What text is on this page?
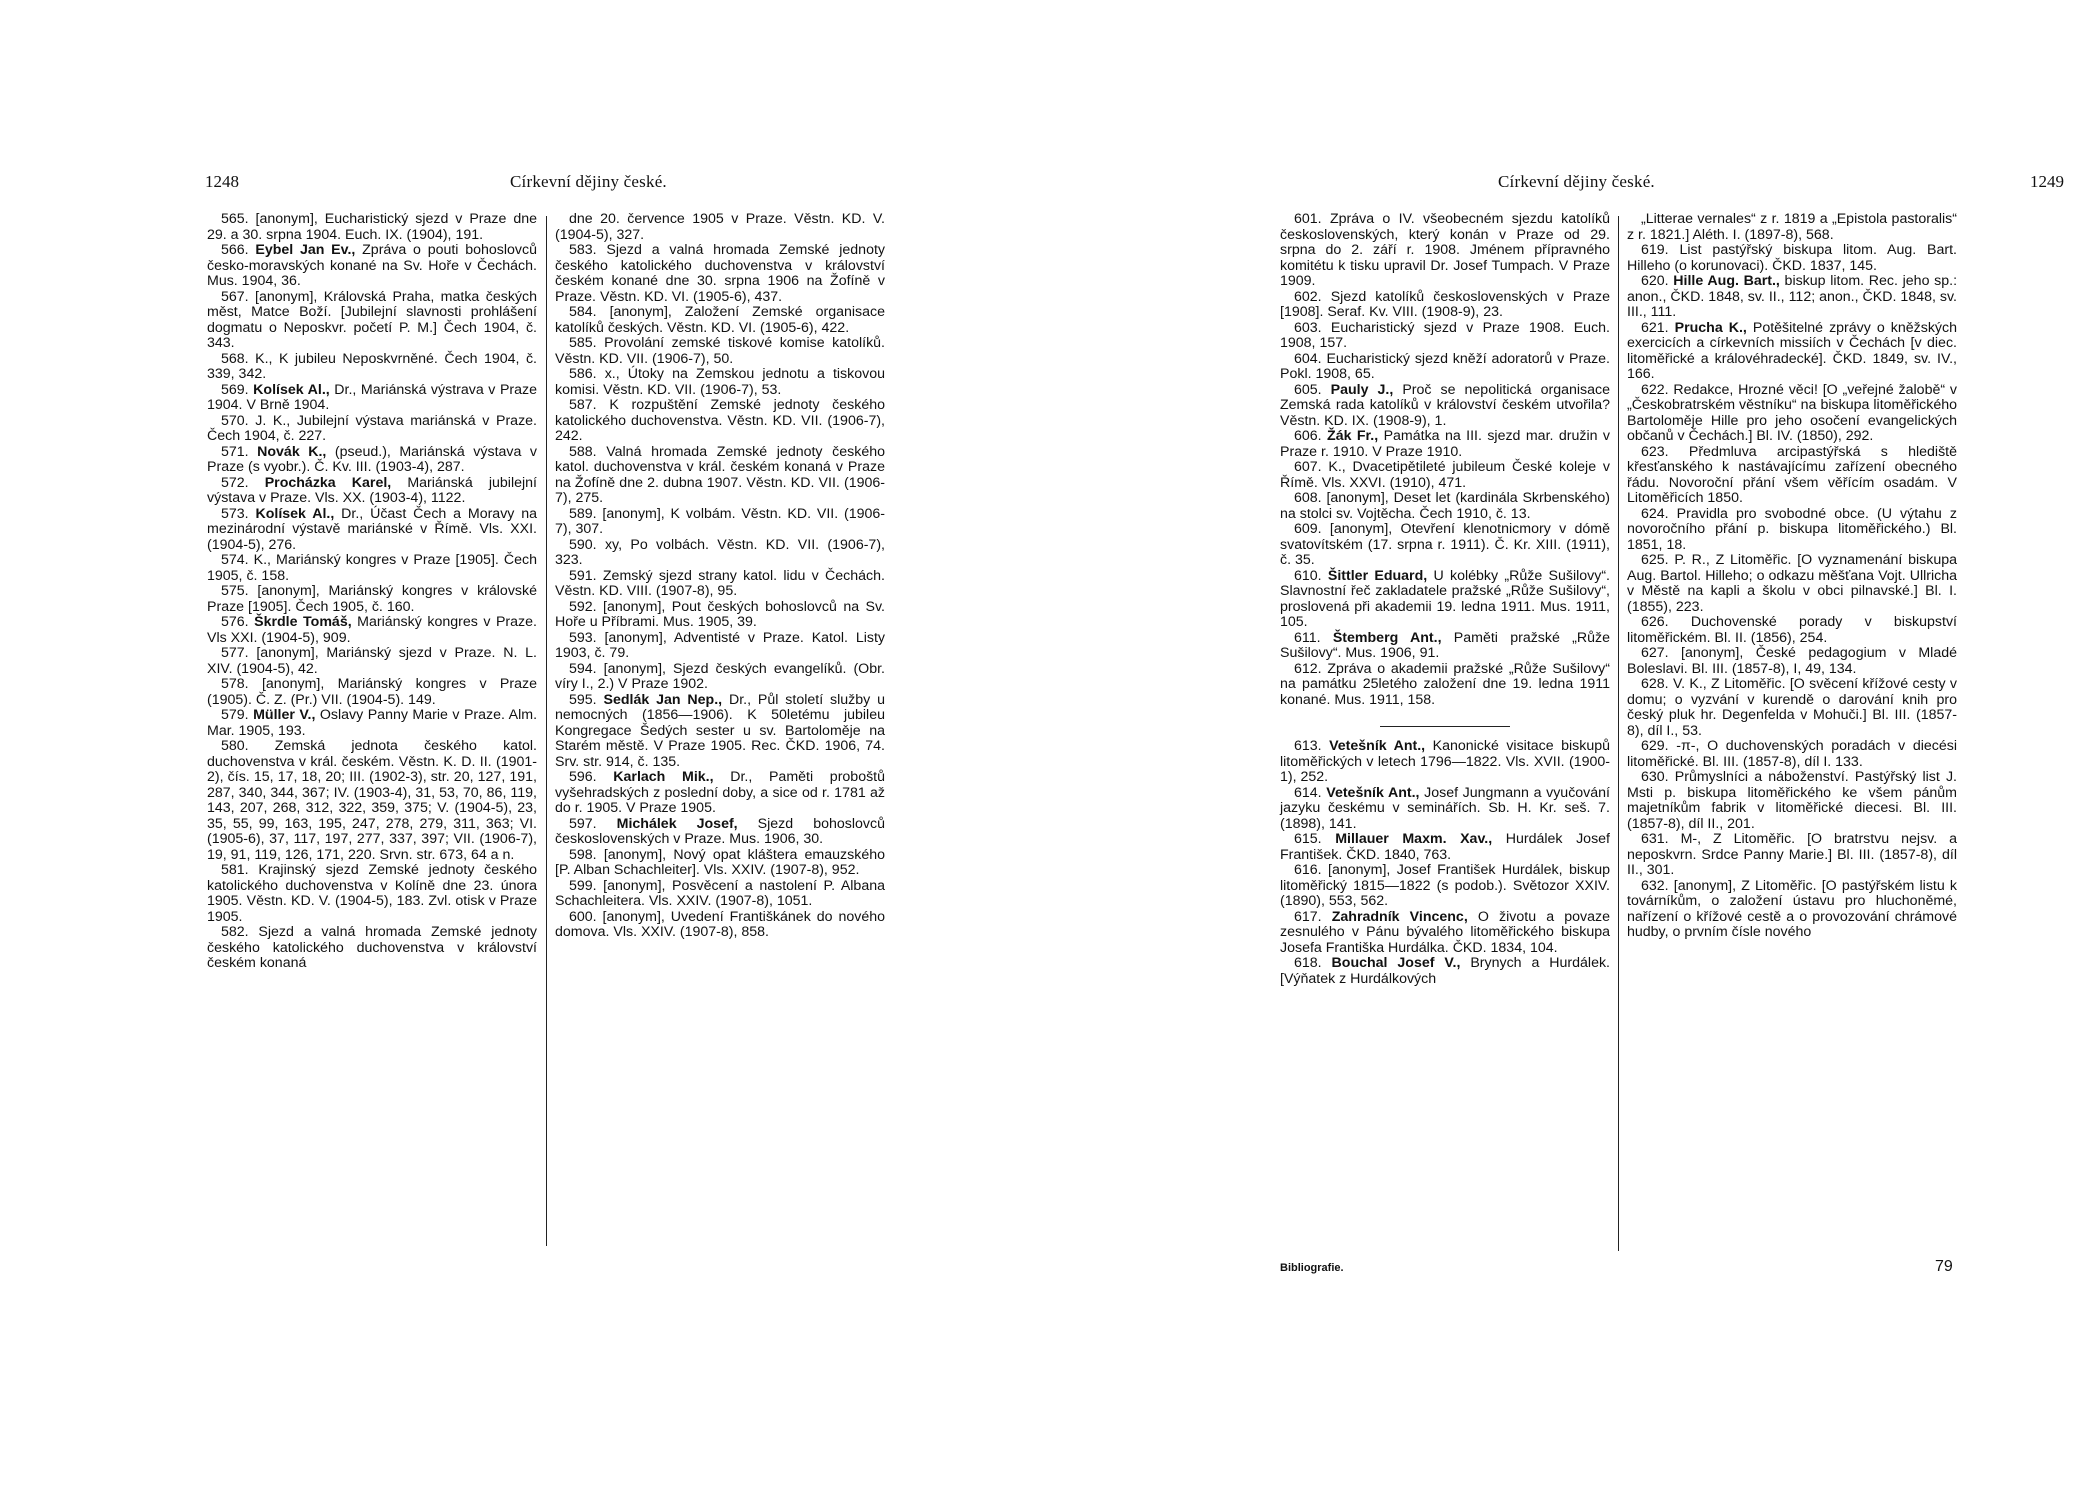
1248	Církevní dějiny české.

565. [anonym], Eucharistický sjezd v Praze dne 29. a 30. srpna 1904. Euch. IX. (1904), 191.

566. Eybel Jan Ev., Zpráva o pouti bohoslovců česko-moravských konané na Sv. Hoře v Čechách. Mus. 1904, 36.

567. [anonym], Královská Praha, matka českých měst, Matce Boží. [Jubilejní slavnosti prohlášení dogmatu o Neposkvr. početí P. M.] Čech 1904, č. 343.

568. K., K jubileu Neposkvrněné. Čech 1904, č. 339, 342.

569. Kolísek Al., Dr., Mariánská výstrava v Praze 1904. V Brně 1904.

570. J. K., Jubilejní výstava mariánská v Praze. Čech 1904, č. 227.

571. Novák K., (pseud.), Mariánská výstava v Praze (s vyobr.). Č. Kv. III. (1903-4), 287.

572. Procházka Karel, Mariánská jubilejní výstava v Praze. Vls. XX. (1903-4), 1122.

573. Kolísek Al., Dr., Účast Čech a Moravy na mezinárodní výstavě mariánské v Římě. Vls. XXI. (1904-5), 276.

574. K., Mariánský kongres v Praze [1905]. Čech 1905, č. 158.

575. [anonym], Mariánský kongres v královské Praze [1905]. Čech 1905, č. 160.

576. Škrdle Tomáš, Mariánský kongres v Praze. Vls XXI. (1904-5), 909.

577. [anonym], Mariánský sjezd v Praze. N. L. XIV. (1904-5), 42.

578. [anonym], Mariánský kongres v Praze (1905). Č. Z. (Pr.) VII. (1904-5). 149.

579. Müller V., Oslavy Panny Marie v Praze. Alm. Mar. 1905, 193.

580. Zemská jednota českého katol. duchovenstva v král. českém. Věstn. K. D. II. (1901-2), čís. 15, 17, 18, 20; III. (1902-3), str. 20, 127, 191, 287, 340, 344, 367; IV. (1903-4), 31, 53, 70, 86, 119, 143, 207, 268, 312, 322, 359, 375; V. (1904-5), 23, 35, 55, 99, 163, 195, 247, 278, 279, 311, 363; VI. (1905-6), 37, 117, 197, 277, 337, 397; VII. (1906-7), 19, 91, 119, 126, 171, 220. Srvn. str. 673, 64 a n.

581. Krajinský sjezd Zemské jednoty českého katolického duchovenstva v Kolíně dne 23. února 1905. Věstn. KD. V. (1904-5), 183. Zvl. otisk v Praze 1905.

582. Sjezd a valná hromada Zemské jednoty českého katolického duchovenstva v království českém konaná

dne 20. července 1905 v Praze. Věstn. KD. V. (1904-5), 327.

583. Sjezd a valná hromada Zemské jednoty českého katolického duchovenstva v království českém konané dne 30. srpna 1906 na Žofíně v Praze. Věstn. KD. VI. (1905-6), 437.

584. [anonym], Založení Zemské organisace katolíků českých. Věstn. KD. VI. (1905-6), 422.

585. Provolání zemské tiskové komise katolíků. Věstn. KD. VII. (1906-7), 50.

586. x., Útoky na Zemskou jednotu a tiskovou komisi. Věstn. KD. VII. (1906-7), 53.

587. K rozpuštění Zemské jednoty českého katolického duchovenstva. Věstn. KD. VII. (1906-7), 242.

588. Valná hromada Zemské jednoty českého katol. duchovenstva v král. českém konaná v Praze na Žofíně dne 2. dubna 1907. Věstn. KD. VII. (1906-7), 275.

589. [anonym], K volbám. Věstn. KD. VII. (1906-7), 307.

590. xy, Po volbách. Věstn. KD. VII. (1906-7), 323.

591. Zemský sjezd strany katol. lidu v Čechách. Věstn. KD. VIII. (1907-8), 95.

592. [anonym], Pout českých bohoslovců na Sv. Hoře u Příbrami. Mus. 1905, 39.

593. [anonym], Adventisté v Praze. Katol. Listy 1903, č. 79.

594. [anonym], Sjezd českých evangelíků. (Obr. víry I., 2.) V Praze 1902.

595. Sedlák Jan Nep., Dr., Půl století služby u nemocných (1856—1906). K 50letému jubileu Kongregace Šedých sester u sv. Bartoloměje na Starém městě. V Praze 1905. Rec. ČKD. 1906, 74. Srv. str. 914, č. 135.

596. Karlach Mik., Dr., Paměti proboštů vyšehradských z poslední doby, a sice od r. 1781 až do r. 1905. V Praze 1905.

597. Michálek Josef, Sjezd bohoslovců československých v Praze. Mus. 1906, 30.

598. [anonym], Nový opat kláštera emauzského [P. Alban Schachleiter]. Vls. XXIV. (1907-8), 952.

599. [anonym], Posvěcení a nastolení P. Albana Schachleitera. Vls. XXIV. (1907-8), 1051.

600. [anonym], Uvedení Františkánek do nového domova. Vls. XXIV. (1907-8), 858.

Církevní dějiny české.	1249

601. Zpráva o IV. všeobecném sjezdu katolíků československých, který konán v Praze od 29. srpna do 2. září r. 1908. Jménem přípravného komitétu k tisku upravil Dr. Josef Tumpach. V Praze 1909.

602. Sjezd katolíků československých v Praze [1908]. Seraf. Kv. VIII. (1908-9), 23.

603. Eucharistický sjezd v Praze 1908. Euch. 1908, 157.

604. Eucharistický sjezd kněží adoratorů v Praze. Pokl. 1908, 65.

605. Pauly J., Proč se nepolitická organisace Zemská rada katolíků v království českém utvořila? Věstn. KD. IX. (1908-9), 1.

606. Žák Fr., Památka na III. sjezd mar. družin v Praze r. 1910. V Praze 1910.

607. K., Dvacetipětileté jubileum České koleje v Římě. Vls. XXVI. (1910), 471.

608. [anonym], Deset let (kardinála Skrbenského) na stolci sv. Vojtěcha. Čech 1910, č. 13.

609. [anonym], Otevření klenotnicmory v dómě svatovítském (17. srpna r. 1911). Č. Kr. XIII. (1911), č. 35.

610. Šittler Eduard, U kolébky „Růže Sušilovy“. Slavnostní řeč zakladatele pražské „Růže Sušilovy“, proslovená při akademii 19. ledna 1911. Mus. 1911, 105.

611. Štemberg Ant., Paměti pražské „Růže Sušilovy“. Mus. 1906, 91.

612. Zpráva o akademii pražské „Růže Sušilovy“ na památku 25letého založení dne 19. ledna 1911 konané. Mus. 1911, 158.

613. Vetešník Ant., Kanonické visitace biskupů litoměřických v letech 1796—1822. Vls. XVII. (1900-1), 252.

614. Vetešník Ant., Josef Jungmann a vyučování jazyku českému v seminářích. Sb. H. Kr. seš. 7. (1898), 141.

615. Millauer Maxm. Xav., Hurdálek Josef František. ČKD. 1840, 763.

616. [anonym], Josef František Hurdálek, biskup litoměřický 1815—1822 (s podob.). Světozor XXIV. (1890), 553, 562.

617. Zahradník Vincenc, O životu a povaze zesnulého v Pánu bývalého litoměřického biskupa Josefa Františka Hurdálka. ČKD. 1834, 104.

618. Bouchal Josef V., Brynych a Hurdálek. [Výňatek z Hurdálkových

„Litterae vernales“ z r. 1819 a „Epistola pastoralis“ z r. 1821.] Aléth. I. (1897-8), 568.

619. List pastýřský biskupa litom. Aug. Bart. Hilleho (o korunovaci). ČKD. 1837, 145.

620. Hille Aug. Bart., biskup litom. Rec. jeho sp.: anon., ČKD. 1848, sv. II., 112; anon., ČKD. 1848, sv. III., 111.

621. Prucha K., Potěšitelné zprávy o kněžských exercicích a církevních missiích v Čechách [v diec. litoměřické a královéhradecké]. ČKD. 1849, sv. IV., 166.

622. Redakce, Hrozné věci! [O „veřejné žalobě“ v „Českobratrském věstníku“ na biskupa litoměřického Bartoloměje Hille pro jeho osočení evangelických občanů v Čechách.] Bl. IV. (1850), 292.

623. Předmluva arcipastýřská s hlediště křesťanského k nastávajícímu zařízení obecného řádu. Novoroční přání všem věřícím osadám. V Litoměřicích 1850.

624. Pravidla pro svobodné obce. (U výtahu z novoročního přání p. biskupa litoměřického.) Bl. 1851, 18.

625. P. R., Z Litoměřic. [O vyznamenání biskupa Aug. Bartol. Hilleho; o odkazu měšťana Vojt. Ullricha v Městě na kapli a školu v obci pilnavské.] Bl. I. (1855), 223.

626. Duchovenské porady v biskupství litoměřickém. Bl. II. (1856), 254.

627. [anonym], České pedagogium v Mladé Boleslavi. Bl. III. (1857-8), I, 49, 134.

628. V. K., Z Litoměřic. [O svěcení křížové cesty v domu; o vyzvání v kurendě o darování knih pro český pluk hr. Degenfelda v Mohuči.] Bl. III. (1857-8), díl I., 53.

629. -π-, O duchovenských poradách v diecési litoměřické. Bl. III. (1857-8), díl I. 133.

630. Průmyslníci a náboženství. Pastýřský list J. Msti p. biskupa litoměřického ke všem pánům majetníkům fabrik v litoměřické diecesi. Bl. III. (1857-8), díl II., 201.

631. M-, Z Litoměřic. [O bratrstvu nejsv. a neposkvrn. Srdce Panny Marie.] Bl. III. (1857-8), díl II., 301.

632. [anonym], Z Litoměřic. [O pastýřském listu k továrníkům, o založení ústavu pro hluchoněmé, nařízení o křížové cestě a o provozování chrámové hudby, o prvním čísle nového

Bibliografie.	79
